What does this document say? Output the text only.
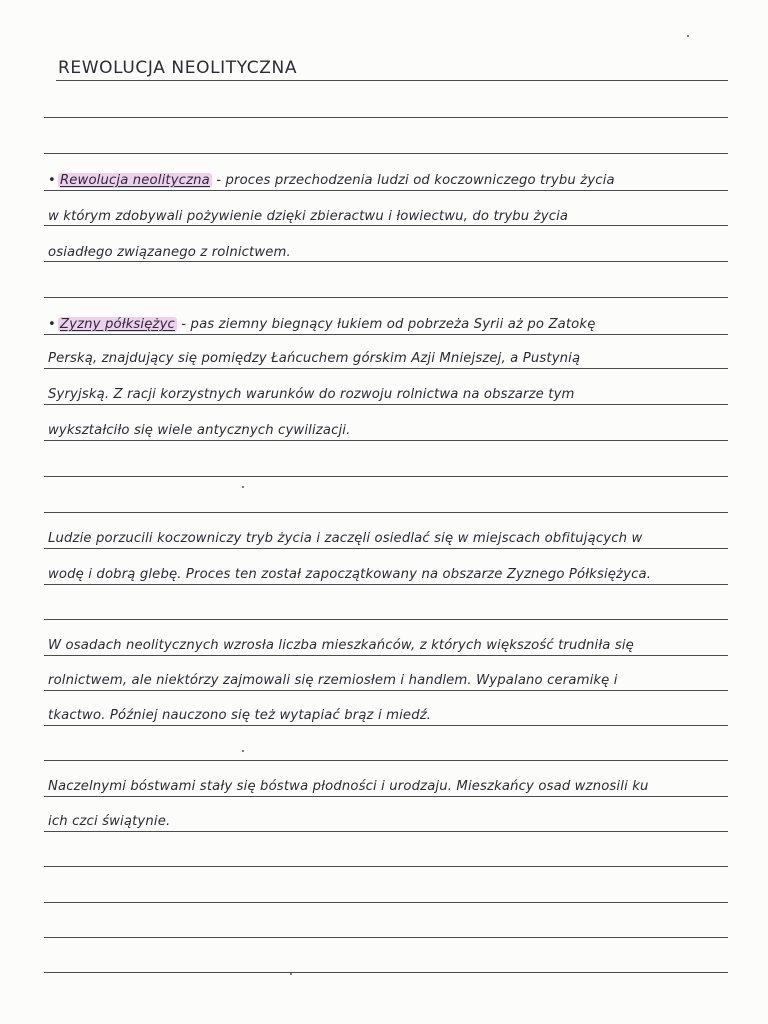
REWOLUCJA NEOLITYCZNA
• Rewolucja neolityczna - proces przechodzenia ludzi od koczowniczego trybu życia
w którym zdobywali pożywienie dzięki zbieractwu i łowiectwu, do trybu życia
osiadłego związanego z rolnictwem.
• Żyzny półksiężyc - pas ziemny biegnący łukiem od pobrzeża Syrii aż po Zatokę
Perską, znajdujący się pomiędzy Łańcuchem górskim Azji Mniejszej, a Pustynią
Syryjską. Z racji korzystnych warunków do rozwoju rolnictwa na obszarze tym
wykształciło się wiele antycznych cywilizacji.
Ludzie porzucili koczowniczy tryb życia i zaczęli osiedlać się w miejscach obfitujących w
wodę i dobrą glebę. Proces ten został zapoczątkowany na obszarze Żyznego Półksiężyca.
W osadach neolitycznych wzrosła liczba mieszkańców, z których większość trudniła się
rolnictwem, ale niektórzy zajmowali się rzemiosłem i handlem. Wypalano ceramikę i
tkactwo. Później nauczono się też wytapiać brąz i miedź.
Naczelnymi bóstwami stały się bóstwa płodności i urodzaju. Mieszkańcy osad wznosili ku
ich czci świątynie.
